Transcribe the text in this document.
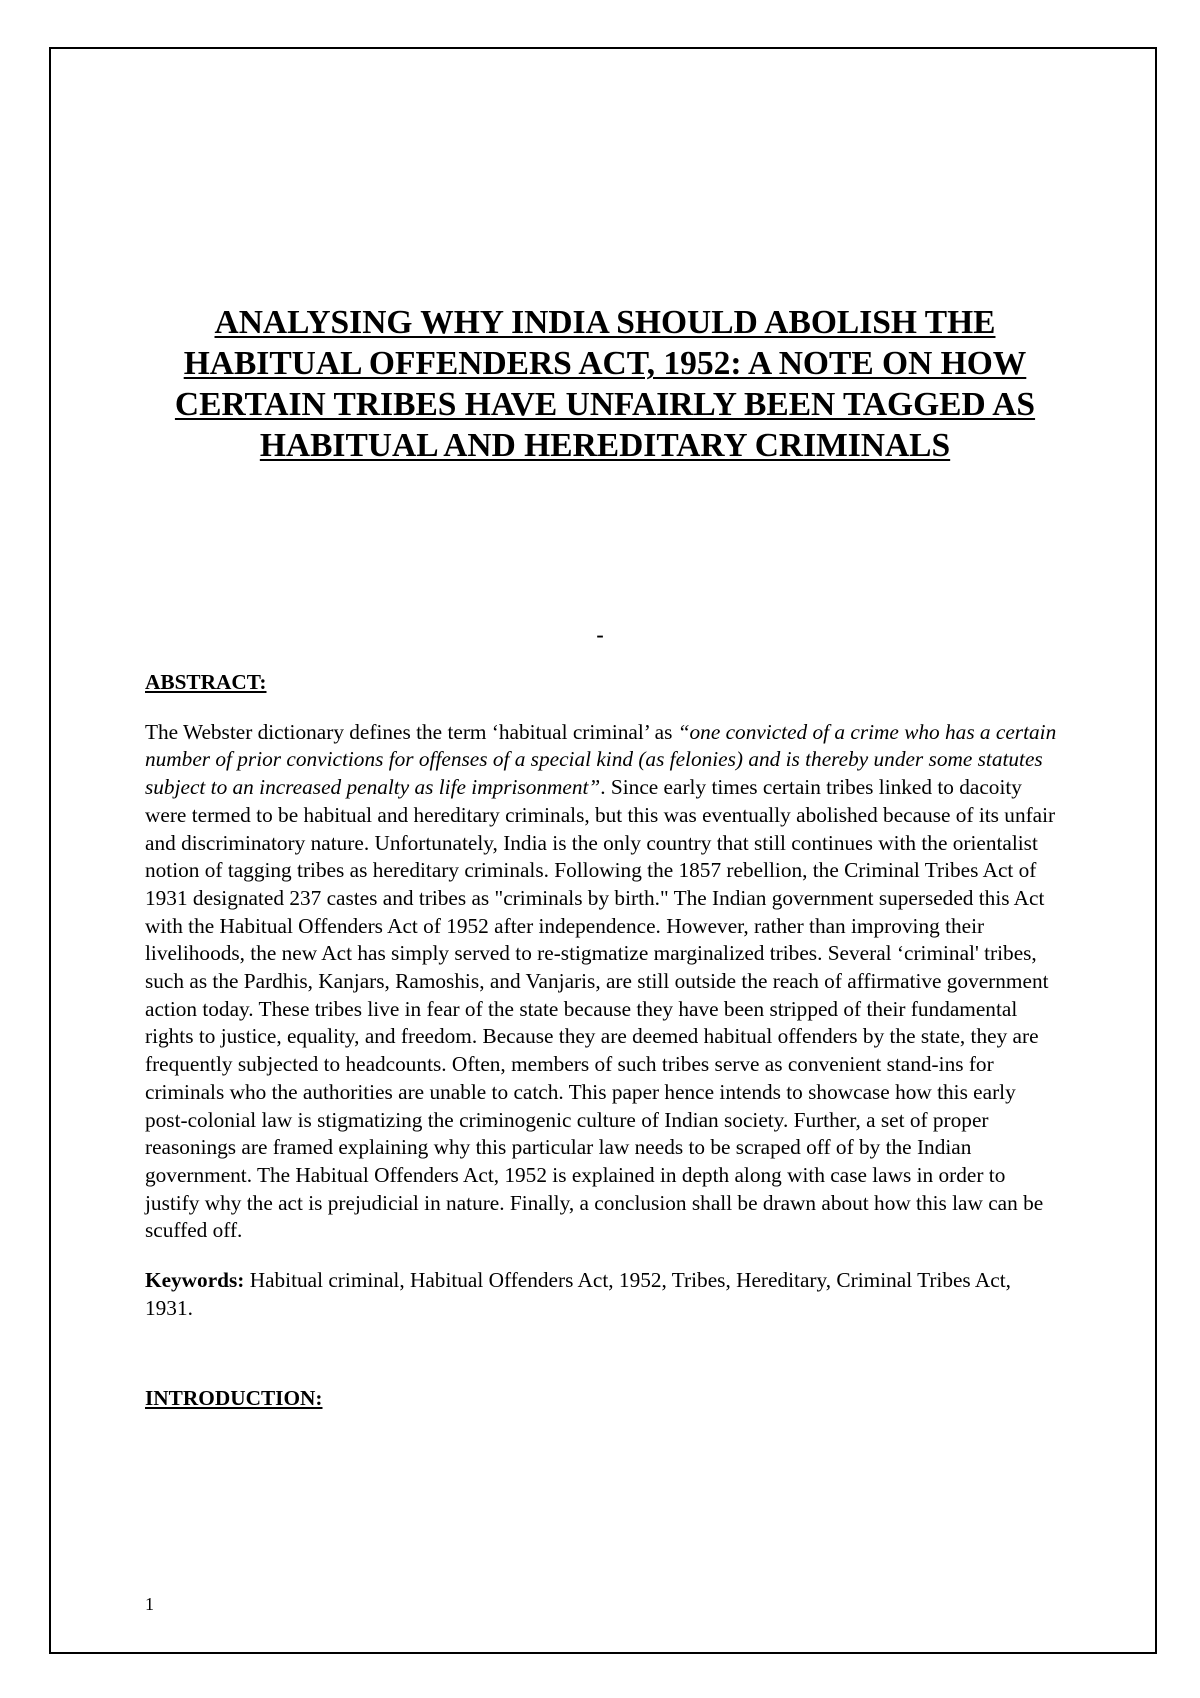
ANALYSING WHY INDIA SHOULD ABOLISH THE HABITUAL OFFENDERS ACT, 1952: A NOTE ON HOW CERTAIN TRIBES HAVE UNFAIRLY BEEN TAGGED AS HABITUAL AND HEREDITARY CRIMINALS
-

ABSTRACT:

The Webster dictionary defines the term ‘habitual criminal’ as “one convicted of a crime who has a certain number of prior convictions for offenses of a special kind (as felonies) and is thereby under some statutes subject to an increased penalty as life imprisonment”. Since early times certain tribes linked to dacoity were termed to be habitual and hereditary criminals, but this was eventually abolished because of its unfair and discriminatory nature. Unfortunately, India is the only country that still continues with the orientalist notion of tagging tribes as hereditary criminals. Following the 1857 rebellion, the Criminal Tribes Act of 1931 designated 237 castes and tribes as "criminals by birth." The Indian government superseded this Act with the Habitual Offenders Act of 1952 after independence. However, rather than improving their livelihoods, the new Act has simply served to re-stigmatize marginalized tribes. Several ‘criminal' tribes, such as the Pardhis, Kanjars, Ramoshis, and Vanjaris, are still outside the reach of affirmative government action today. These tribes live in fear of the state because they have been stripped of their fundamental rights to justice, equality, and freedom. Because they are deemed habitual offenders by the state, they are frequently subjected to headcounts. Often, members of such tribes serve as convenient stand-ins for criminals who the authorities are unable to catch. This paper hence intends to showcase how this early post-colonial law is stigmatizing the criminogenic culture of Indian society. Further, a set of proper reasonings are framed explaining why this particular law needs to be scraped off of by the Indian government. The Habitual Offenders Act, 1952 is explained in depth along with case laws in order to justify why the act is prejudicial in nature. Finally, a conclusion shall be drawn about how this law can be scuffed off.

Keywords: Habitual criminal, Habitual Offenders Act, 1952, Tribes, Hereditary, Criminal Tribes Act, 1931.

INTRODUCTION:

1
